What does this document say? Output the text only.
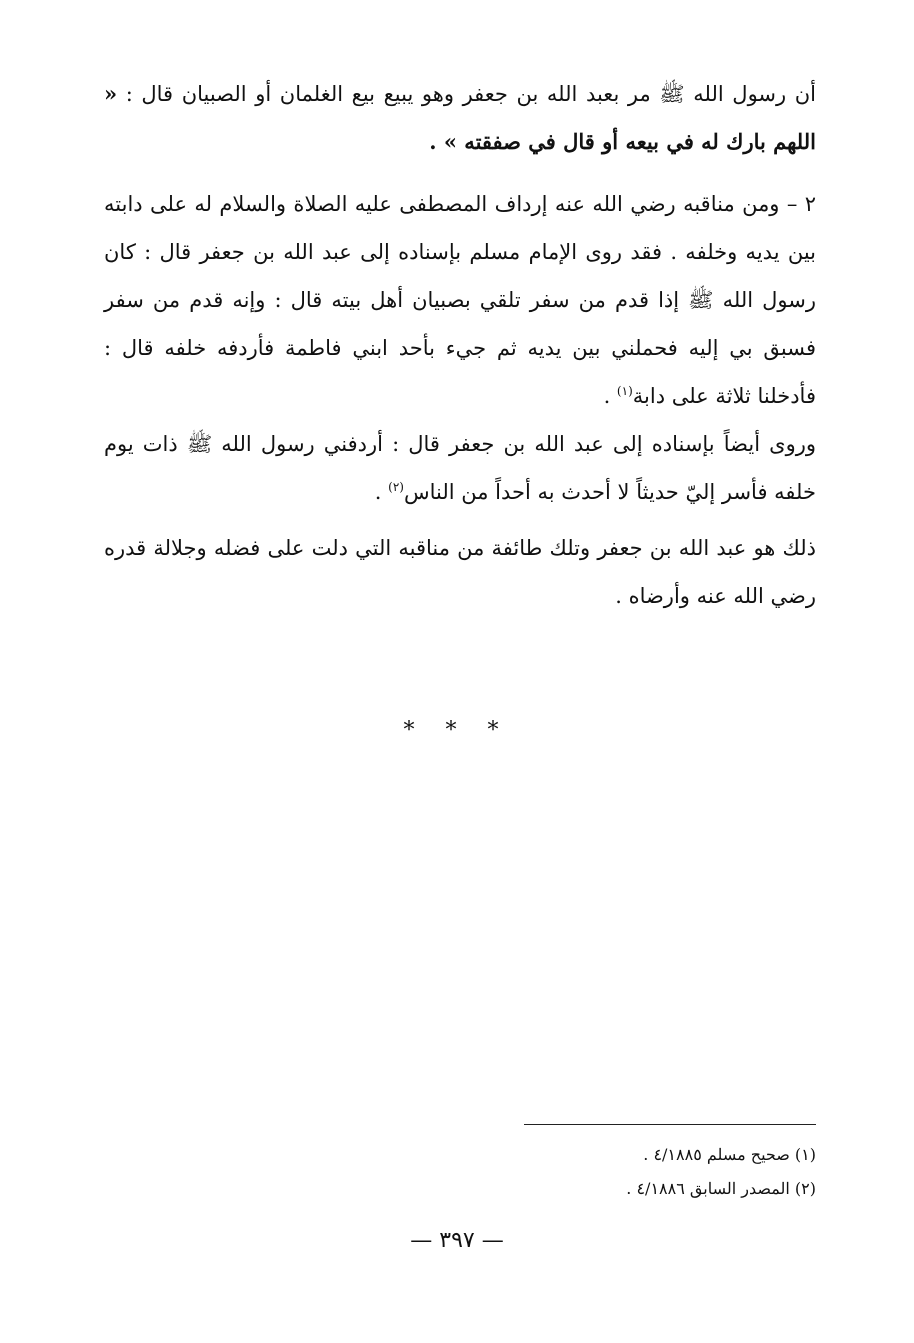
أن رسول الله ﷺ مر بعبد الله بن جعفر وهو يبيع بيع الغلمان أو الصبيان قال : « اللهم بارك له في بيعه أو قال في صفقته » .

٢ – ومن مناقبه رضي الله عنه إرداف المصطفى عليه الصلاة والسلام له على دابته بين يديه وخلفه . فقد روى الإمام مسلم بإسناده إلى عبد الله بن جعفر قال : كان رسول الله ﷺ إذا قدم من سفر تلقي بصبيان أهل بيته قال : وإنه قدم من سفر فسبق بي إليه فحملني بين يديه ثم جيء بأحد ابني فاطمة فأردفه خلفه قال : فأدخلنا ثلاثة على دابة$^{(١)}$ .

وروى أيضاً بإسناده إلى عبد الله بن جعفر قال : أردفني رسول الله ﷺ ذات يوم خلفه فأسر إليّ حديثاً لا أحدث به أحداً من الناس$^{(٢)}$ .

ذلك هو عبد الله بن جعفر وتلك طائفة من مناقبه التي دلت على فضله وجلالة قدره رضي الله عنه وأرضاه .

* * *

(١) صحيح مسلم ٤/١٨٨٥ .

(٢) المصدر السابق ٤/١٨٨٦ .

— ٣٩٧ —
